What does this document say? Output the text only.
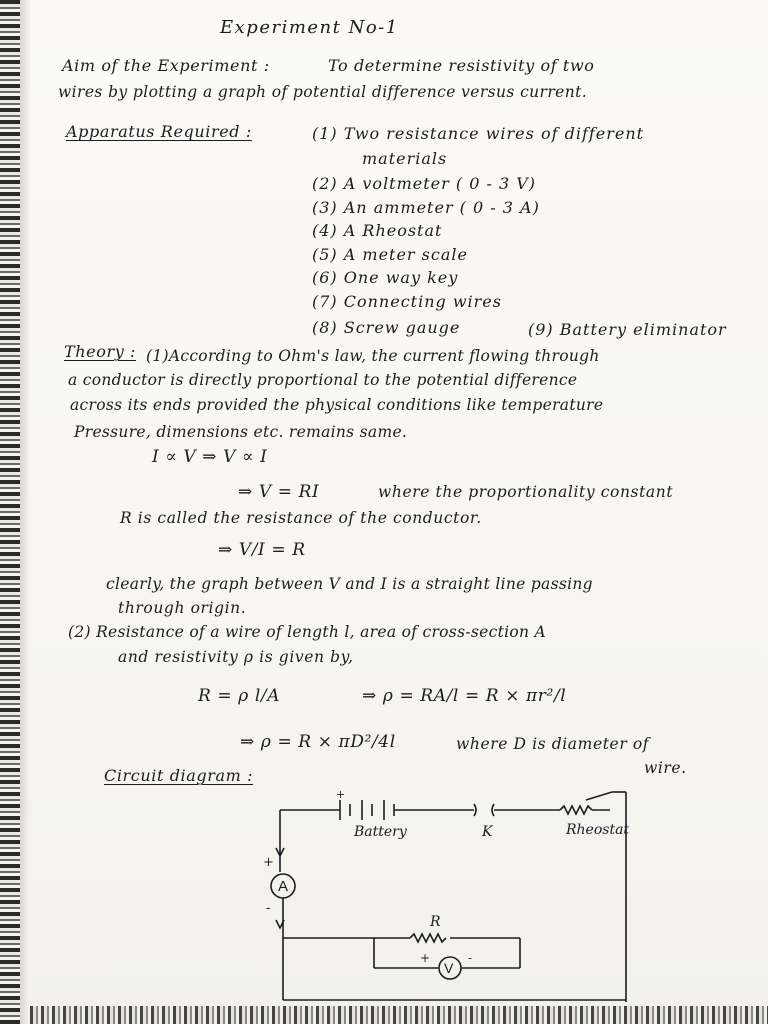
Experiment No-1
Aim of the Experiment :	To determine resistivity of two
wires by plotting a graph of potential difference versus current.
Apparatus Required :	(1) Two resistance wires of different
materials
(2) A voltmeter ( 0 - 3 V)
(3) An ammeter ( 0 - 3 A)
(4) A Rheostat
(5) A meter scale
(6) One way key
(7) Connecting wires
(8) Screw gauge	(9) Battery eliminator
Theory : (1)According to Ohm's law, the current flowing through
a conductor is directly proportional to the potential difference
across its ends provided the physical conditions like temperature
Pressure, dimensions etc. remains same.
I ∝ V ⇒ V ∝ I
⇒ V = RI	where the proportionality constant
R is called the resistance of the conductor.
⇒ V/I = R
clearly, the graph between V and I is a straight line passing
through origin.
(2) Resistance of a wire of length l, area of cross-section A
and resistivity ρ is given by,
R = ρ l/A	⇒ ρ = RA/l = R × πr²/l
⇒ ρ = R × πD²/4l	where D is diameter of
wire.
Circuit diagram :
A
V
+
+
-
+	-
Battery	K	Rheostat
R
